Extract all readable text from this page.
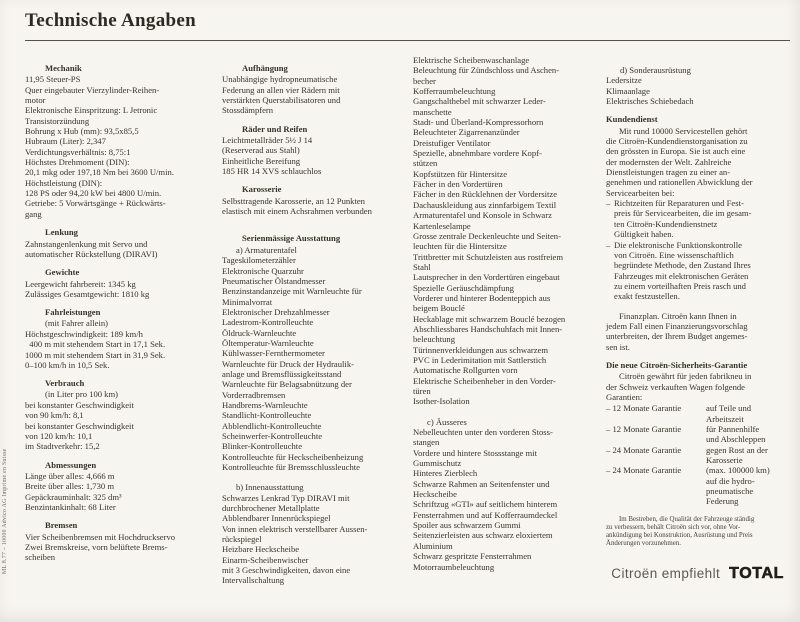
Technische Angaben
Mechanik
11,95 Steuer-PS
Quer eingebauter Vierzylinder-Reihen-
motor
Elektronische Einspritzung: L Jetronic
Transistorzündung
Bohrung x Hub (mm): 93,5x85,5
Hubraum (Liter): 2,347
Verdichtungsverhältnis: 8,75:1
Höchstes Drehmoment (DIN):
20,1 mkg oder 197,18 Nm bei 3600 U/min.
Höchstleistung (DIN):
128 PS oder 94,20 kW bei 4800 U/min.
Getriebe: 5 Vorwärtsgänge + Rückwärts-
gang
Lenkung
Zahnstangenlenkung mit Servo und
automatischer Rückstellung (DIRAVI)
Gewichte
Leergewicht fahrbereit: 1345 kg
Zulässiges Gesamtgewicht: 1810 kg
Fahrleistungen
(mit Fahrer allein)
Höchstgeschwindigkeit: 189 km/h
400 m mit stehendem Start in 17,1 Sek.
1000 m mit stehendem Start in 31,9 Sek.
0–100 km/h in 10,5 Sek.
Verbrauch
(in Liter pro 100 km)
bei konstanter Geschwindigkeit
von 90 km/h: 8,1
bei konstanter Geschwindigkeit
von 120 km/h: 10,1
im Stadtverkehr: 15,2
Abmessungen
Länge über alles: 4,666 m
Breite über alles: 1,730 m
Gepäckrauminhalt: 325 dm³
Benzintankinhalt: 68 Liter
Bremsen
Vier Scheibenbremsen mit Hochdruckservo
Zwei Bremskreise, vorn belüftete Brems-
scheiben
Aufhängung
Unabhängige hydropneumatische
Federung an allen vier Rädern mit
verstärkten Querstabilisatoren und
Stossdämpfern
Räder und Reifen
Leichtmetallräder 5½ J 14
(Reserverad aus Stahl)
Einheitliche Bereifung
185 HR 14 XVS schlauchlos
Karosserie
Selbsttragende Karosserie, an 12 Punkten
elastisch mit einem Achsrahmen verbunden
Serienmässige Ausstattung
a) Armaturentafel
Tageskilometerzähler
Elektronische Quarzuhr
Pneumatischer Ölstandmesser
Benzinstandanzeige mit Warnleuchte für
Minimalvorrat
Elektronischer Drehzahlmesser
Ladestrom-Kontrolleuchte
Öldruck-Warnleuchte
Öltemperatur-Warnleuchte
Kühlwasser-Fernthermometer
Warnleuchte für Druck der Hydraulik-
anlage und Bremsflüssigkeitsstand
Warnleuchte für Belagsabnützung der
Vorderradbremsen
Handbrems-Warnleuchte
Standlicht-Kontrolleuchte
Abblendlicht-Kontrolleuchte
Scheinwerfer-Kontrolleuchte
Blinker-Kontrolleuchte
Kontrolleuchte für Heckscheibenheizung
Kontrolleuchte für Bremsschlussleuchte
b) Innenausstattung
Schwarzes Lenkrad Typ DIRAVI mit
durchbrochener Metallplatte
Abblendbarer Innenrückspiegel
Von innen elektrisch verstellbarer Aussen-
rückspiegel
Heizbare Heckscheibe
Einarm-Scheibenwischer
mit 3 Geschwindigkeiten, davon eine
Intervallschaltung
Elektrische Scheibenwaschanlage
Beleuchtung für Zündschloss und Aschen-
becher
Kofferraumbeleuchtung
Gangschalthebel mit schwarzer Leder-
manschette
Stadt- und Überland-Kompressorhorn
Beleuchteter Zigarrenanzünder
Dreistufiger Ventilator
Spezielle, abnehmbare vordere Kopf-
stützen
Kopfstützen für Hintersitze
Fächer in den Vordertüren
Fächer in den Rücklehnen der Vordersitze
Dachauskleidung aus zinnfarbigem Textil
Armaturentafel und Konsole in Schwarz
Kartenleselampe
Grosse zentrale Deckenleuchte und Seiten-
leuchten für die Hintersitze
Trittbretter mit Schutzleisten aus rostfreiem
Stahl
Lautsprecher in den Vordertüren eingebaut
Spezielle Geräuschdämpfung
Vorderer und hinterer Bodenteppich aus
beigem Bouclé
Heckablage mit schwarzem Bouclé bezogen
Abschliessbares Handschuhfach mit Innen-
beleuchtung
Türinnenverkleidungen aus schwarzem
PVC in Lederimitation mit Sattlerstich
Automatische Rollgurten vorn
Elektrische Scheibenheber in den Vorder-
türen
Isother-Isolation
c) Äusseres
Nebelleuchten unter den vorderen Stoss-
stangen
Vordere und hintere Stossstange mit
Gummischutz
Hinteres Zierblech
Schwarze Rahmen an Seitenfenster und
Heckscheibe
Schriftzug «GTI» auf seitlichem hinterem
Fensterrahmen und auf Kofferraumdeckel
Spoiler aus schwarzem Gummi
Seitenzierleisten aus schwarz eloxiertem
Aluminium
Schwarz gespritzte Fensterrahmen
Motorraumbeleuchtung
d) Sonderausrüstung
Ledersitze
Klimaanlage
Elektrisches Schiebedach
Kundendienst
Mit rund 10000 Servicestellen gehört
die Citroën-Kundendienstorganisation zu
den grössten in Europa. Sie ist auch eine
der modernsten der Welt. Zahlreiche
Dienstleistungen tragen zu einer an-
genehmen und rationellen Abwicklung der
Servicearbeiten bei:
– Richtzeiten für Reparaturen und Fest-
preis für Servicearbeiten, die im gesam-
ten Citroën-Kundendienstnetz
Gültigkeit haben.
– Die elektronische Funktionskontrolle
von Citroën. Eine wissenschaftlich
begründete Methode, den Zustand Ihres
Fahrzeuges mit elektronischen Geräten
zu einem vorteilhaften Preis rasch und
exakt festzustellen.
Finanzplan. Citroën kann Ihnen in
jedem Fall einen Finanzierungsvorschlag
unterbreiten, der Ihrem Budget angemes-
sen ist.
Die neue Citroën-Sicherheits-Garantie
Citroën gewährt für jeden fabrikneu in
der Schweiz verkauften Wagen folgende
Garantien:
– 12 Monate Garantie	auf Teile und
Arbeitszeit
– 12 Monate Garantie	für Pannenhilfe
und Abschleppen
– 24 Monate Garantie	gegen Rost an der
Karosserie
– 24 Monate Garantie	(max. 100000 km)
auf die hydro-
pneumatische
Federung
Im Bestreben, die Qualität der Fahrzeuge ständig
zu verbessern, behält Citroën sich vor, ohne Vor-
ankündigung bei Konstruktion, Ausrüstung und Preis
Änderungen vorzunehmen.
ML 8.77 – 10000 Advico AG Imprimé en Suisse	Citroën empfiehlt TOTAL
